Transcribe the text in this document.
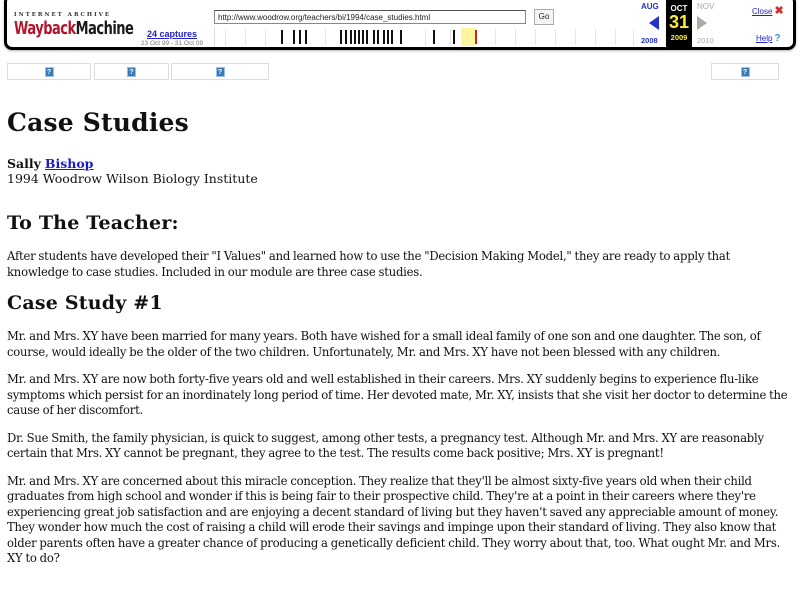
INTERNET ARCHIVE
WaybackMachine	24 captures
23 Oct 99 - 31 Oct 09
http://www.woodrow.org/teachers/bi/1994/case_studies.html	Go
AUG
2008
OCT
31
2009
NOV
2010
Close ✖
Help ?
?	?	?	?
Case Studies
Sally Bishop
1994 Woodrow Wilson Biology Institute
To The Teacher:

After students have developed their "I Values" and learned how to use the "Decision Making Model," they are ready to apply that knowledge to case studies. Included in our module are three case studies.

Case Study #1

Mr. and Mrs. XY have been married for many years. Both have wished for a small ideal family of one son and one daughter. The son, of course, would ideally be the older of the two children. Unfortunately, Mr. and Mrs. XY have not been blessed with any children.

Mr. and Mrs. XY are now both forty-five years old and well established in their careers. Mrs. XY suddenly begins to experience flu-like symptoms which persist for an inordinately long period of time. Her devoted mate, Mr. XY, insists that she visit her doctor to determine the cause of her discomfort.

Dr. Sue Smith, the family physician, is quick to suggest, among other tests, a pregnancy test. Although Mr. and Mrs. XY are reasonably certain that Mrs. XY cannot be pregnant, they agree to the test. The results come back positive; Mrs. XY is pregnant!

Mr. and Mrs. XY are concerned about this miracle conception. They realize that they'll be almost sixty-five years old when their child graduates from high school and wonder if this is being fair to their prospective child. They're at a point in their careers where they're experiencing great job satisfaction and are enjoying a decent standard of living but they haven't saved any appreciable amount of money. They wonder how much the cost of raising a child will erode their savings and impinge upon their standard of living. They also know that older parents often have a greater chance of producing a genetically deficient child. They worry about that, too. What ought Mr. and Mrs. XY to do?
